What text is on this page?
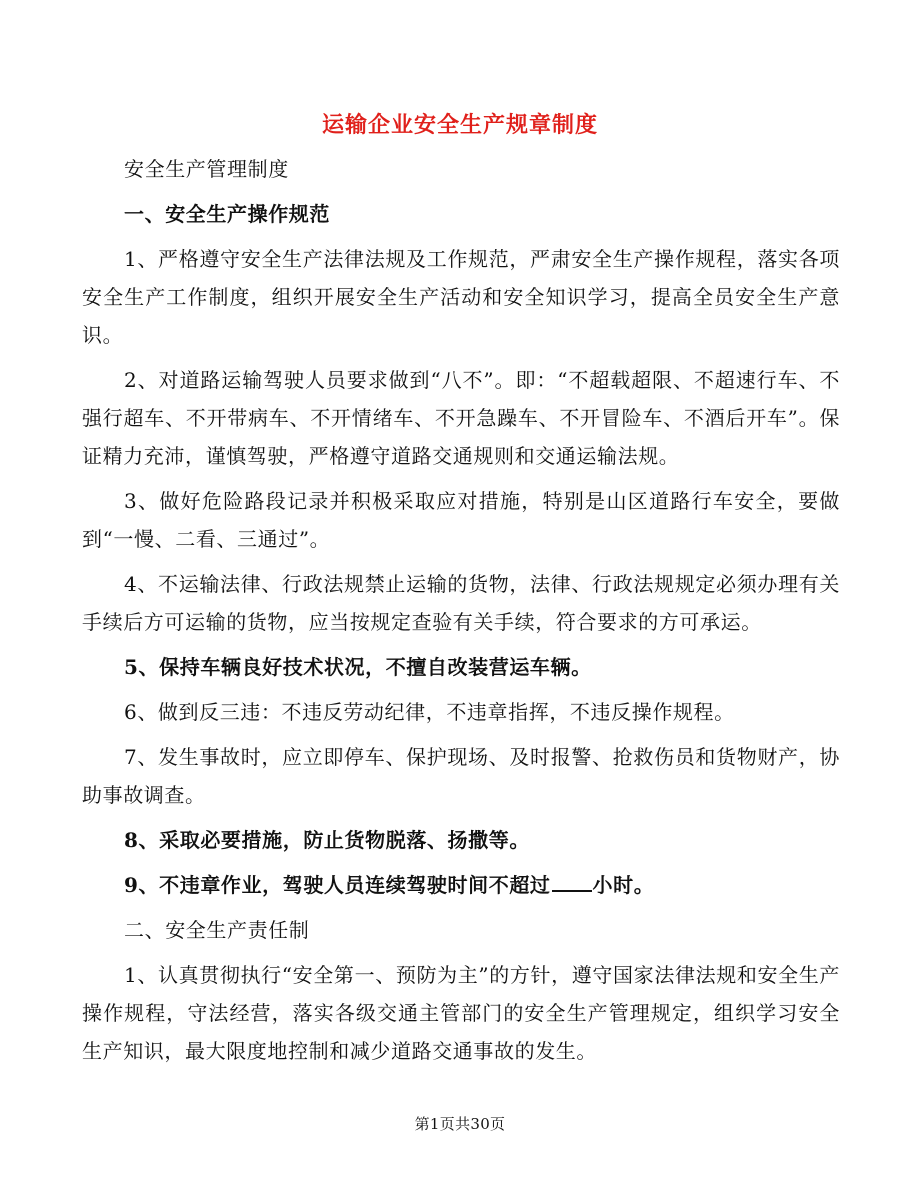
运输企业安全生产规章制度

安全生产管理制度

一、安全生产操作规范

1、严格遵守安全生产法律法规及工作规范，严肃安全生产操作规程，落实各项安全生产工作制度，组织开展安全生产活动和安全知识学习，提高全员安全生产意识。

2、对道路运输驾驶人员要求做到“八不”。即：“不超载超限、不超速行车、不强行超车、不开带病车、不开情绪车、不开急躁车、不开冒险车、不酒后开车”。保证精力充沛，谨慎驾驶，严格遵守道路交通规则和交通运输法规。

3、做好危险路段记录并积极采取应对措施，特别是山区道路行车安全，要做到“一慢、二看、三通过”。

4、不运输法律、行政法规禁止运输的货物，法律、行政法规规定必须办理有关手续后方可运输的货物，应当按规定查验有关手续，符合要求的方可承运。

5、保持车辆良好技术状况，不擅自改装营运车辆。

6、做到反三违：不违反劳动纪律，不违章指挥，不违反操作规程。

7、发生事故时，应立即停车、保护现场、及时报警、抢救伤员和货物财产，协助事故调查。

8、采取必要措施，防止货物脱落、扬撒等。

9、不违章作业，驾驶人员连续驾驶时间不超过 小时。

二、安全生产责任制

1、认真贯彻执行“安全第一、预防为主”的方针，遵守国家法律法规和安全生产操作规程，守法经营，落实各级交通主管部门的安全生产管理规定，组织学习安全生产知识，最大限度地控制和减少道路交通事故的发生。

第1页共30页
